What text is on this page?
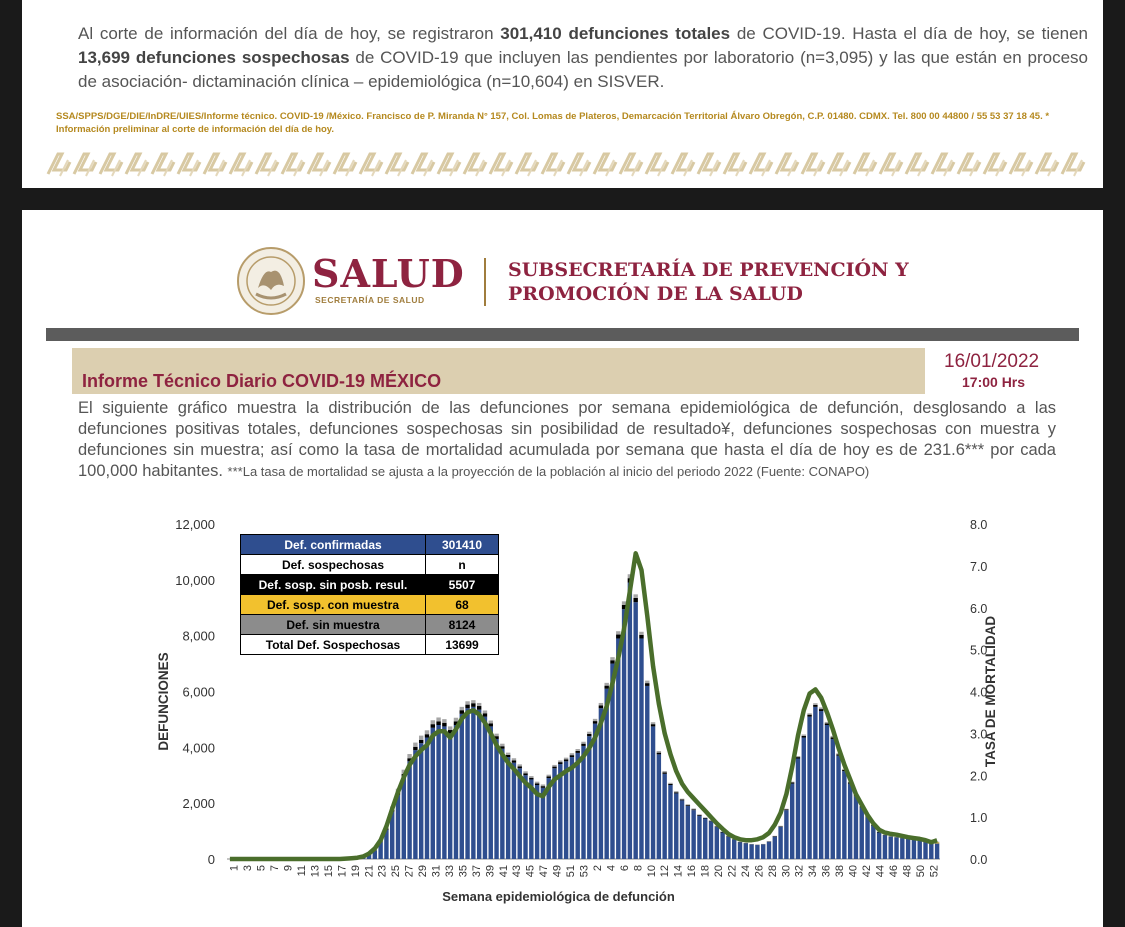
Al corte de información del día de hoy, se registraron 301,410 defunciones totales de COVID-19. Hasta el día de hoy, se tienen 13,699 defunciones sospechosas de COVID-19 que incluyen las pendientes por laboratorio (n=3,095) y las que están en proceso de asociación- dictaminación clínica – epidemiológica (n=10,604) en SISVER.
SSA/SPPS/DGE/DIE/InDRE/UIES/Informe técnico. COVID-19 /México. Francisco de P. Miranda N° 157, Col. Lomas de Plateros, Demarcación Territorial Álvaro Obregón, C.P. 01480. CDMX. Tel. 800 00 44800 / 55 53 37 18 45. * Información preliminar al corte de información del día de hoy.
SALUD
SECRETARÍA DE SALUD
SUBSECRETARÍA DE PREVENCIÓN Y
PROMOCIÓN DE LA SALUD
Informe Técnico Diario COVID-19 MÉXICO
16/01/2022
17:00 Hrs
El siguiente gráfico muestra la distribución de las defunciones por semana epidemiológica de defunción, desglosando a las defunciones positivas totales, defunciones sospechosas sin posibilidad de resultado¥, defunciones sospechosas con muestra y defunciones sin muestra; así como la tasa de mortalidad acumulada por semana que hasta el día de hoy es de 231.6*** por cada 100,000 habitantes. ***La tasa de mortalidad se ajusta a la proyección de la población al inicio del periodo 2022 (Fuente: CONAPO)
0
2,000
4,000
6,000
8,000
10,000
12,000
0.0
1.0
2.0
3.0
4.0
5.0
6.0
7.0
8.0
DEFUNCIONES	TASA DE MORTALIDAD
Semana epidemiológica de defunción
1 3 5 7 9 11 13 15 17 19 21 23 25 27 29 31 33 35 37 39 41 43 45 47 49 51 53 2 4 6 8 10 12 14 16 18 20 22 24 26 28 30 32 34 36 38 40 42 44 46 48 50 52
Def. confirmadas	301410
Def. sospechosas	n
Def. sosp. sin posb. resul.	5507
Def. sosp. con muestra	68
Def. sin muestra	8124
Total Def. Sospechosas	13699
